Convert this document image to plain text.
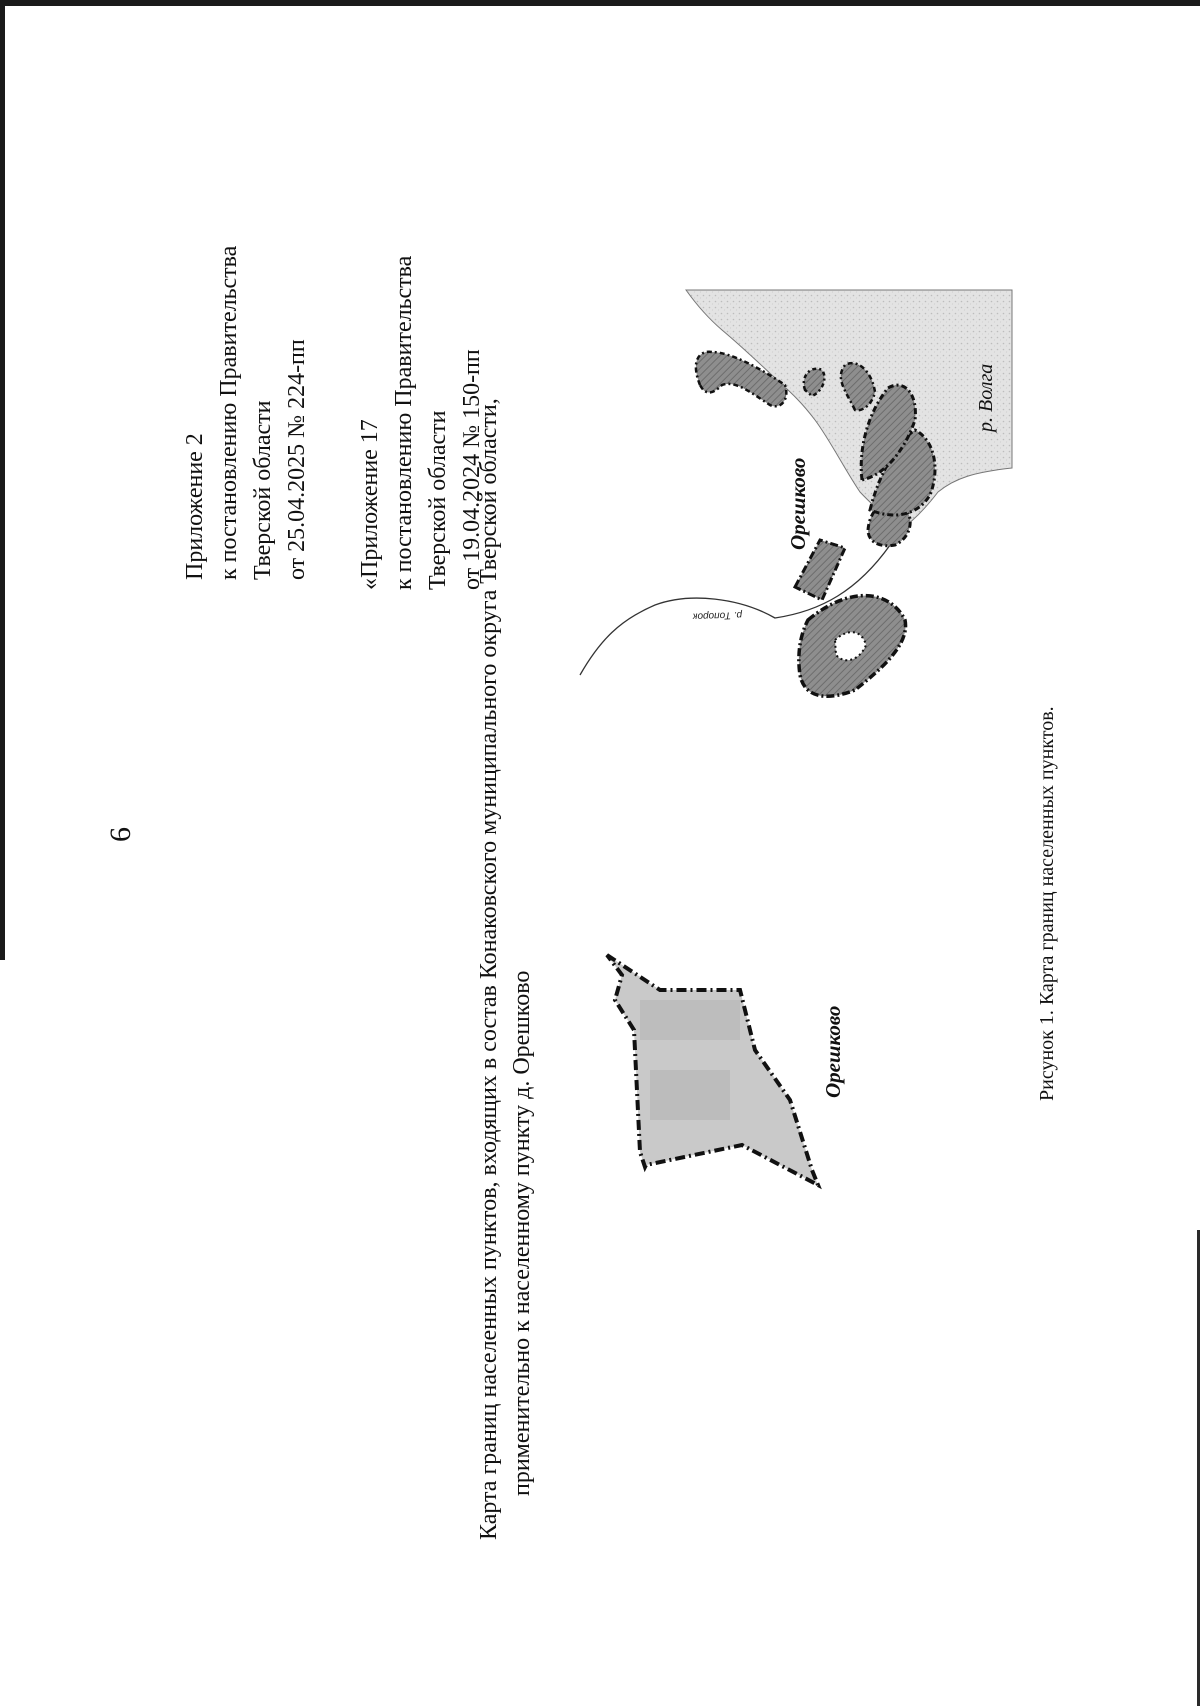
6
Приложение 2 к постановлению Правительства Тверской области от 25.04.2025 № 224-пп «Приложение 17 к постановлению Правительства Тверской области от 19.04.2024 № 150-пп
Карта границ населенных пунктов, входящих в состав Конаковского муниципального округа Тверской области, применительно к населенному пункту д. Орешково
р. Топорок
Орешково
р. Волга
Орешково	Рисунок 1. Карта границ населенных пунктов.
